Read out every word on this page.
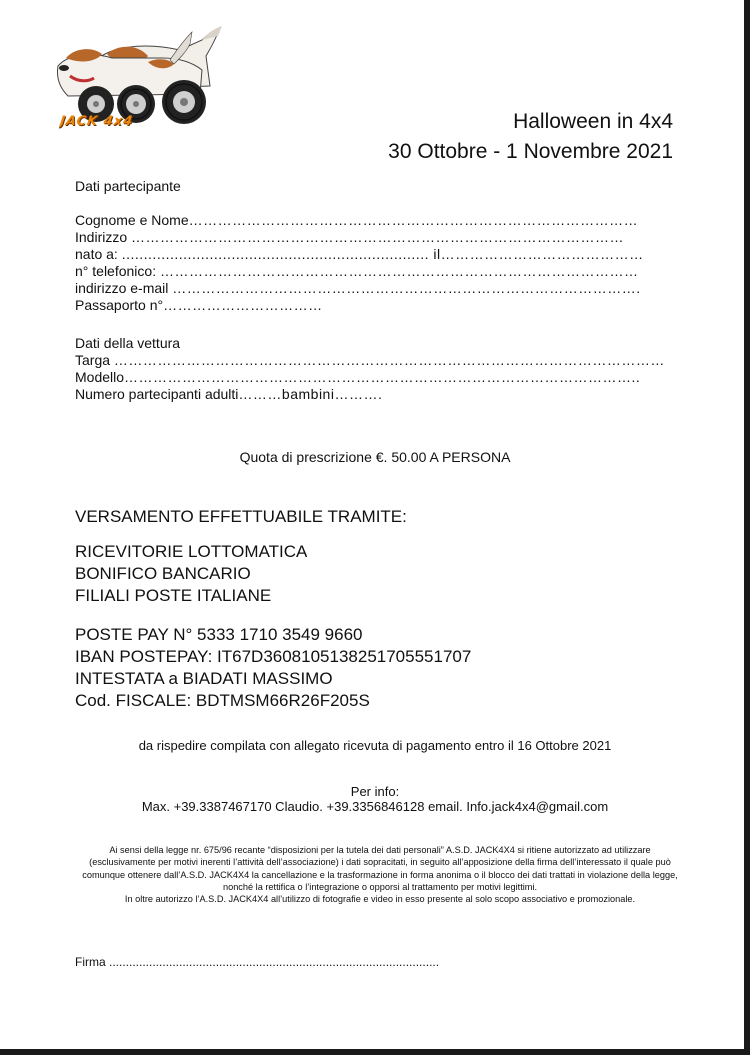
JACK 4x4	Halloween in 4x4
30 Ottobre - 1 Novembre 2021
Dati partecipante
Cognome e Nome…………………………………………………………………………………
Indirizzo …………………………………………………………………………………………
nato a: ...................................................................... il……………………………………
n° telefonico: ………………………………………………………………………………………
indirizzo e-mail …………………………………………………………………………………….
Passaporto n°……………………………
Dati della vettura
Targa ……………………………………………………………………………………………………
Modello……………………………………………………………………………………………..
Numero partecipanti adulti………bambini……….
Quota di prescrizione €. 50.00 A PERSONA
VERSAMENTO EFFETTUABILE TRAMITE:
RICEVITORIE LOTTOMATICA
BONIFICO BANCARIO
FILIALI POSTE ITALIANE
POSTE PAY N° 5333 1710 3549 9660
IBAN POSTEPAY: IT67D3608105138251705551707
INTESTATA a BIADATI MASSIMO
Cod. FISCALE: BDTMSM66R26F205S
da rispedire compilata con allegato ricevuta di pagamento entro il 16 Ottobre 2021
Per info:
Max. +39.3387467170 Claudio. +39.3356846128 email. Info.jack4x4@gmail.com
Ai sensi della legge nr. 675/96 recante “disposizioni per la tutela dei dati personali” A.S.D. JACK4X4 si ritiene autorizzato ad utilizzare (esclusivamente per motivi inerenti l’attività dell’associazione) i dati sopracitati, in seguito all’apposizione della firma dell’interessato il quale può comunque ottenere dall’A.S.D. JACK4X4 la cancellazione e la trasformazione in forma anonima o il blocco dei dati trattati in violazione della legge, nonché la rettifica o l’integrazione o opporsi al trattamento per motivi legittimi.
In oltre autorizzo l’A.S.D. JACK4X4 all’utilizzo di fotografie e video in esso presente al solo scopo associativo e promozionale.
Firma ...................................................................................................
